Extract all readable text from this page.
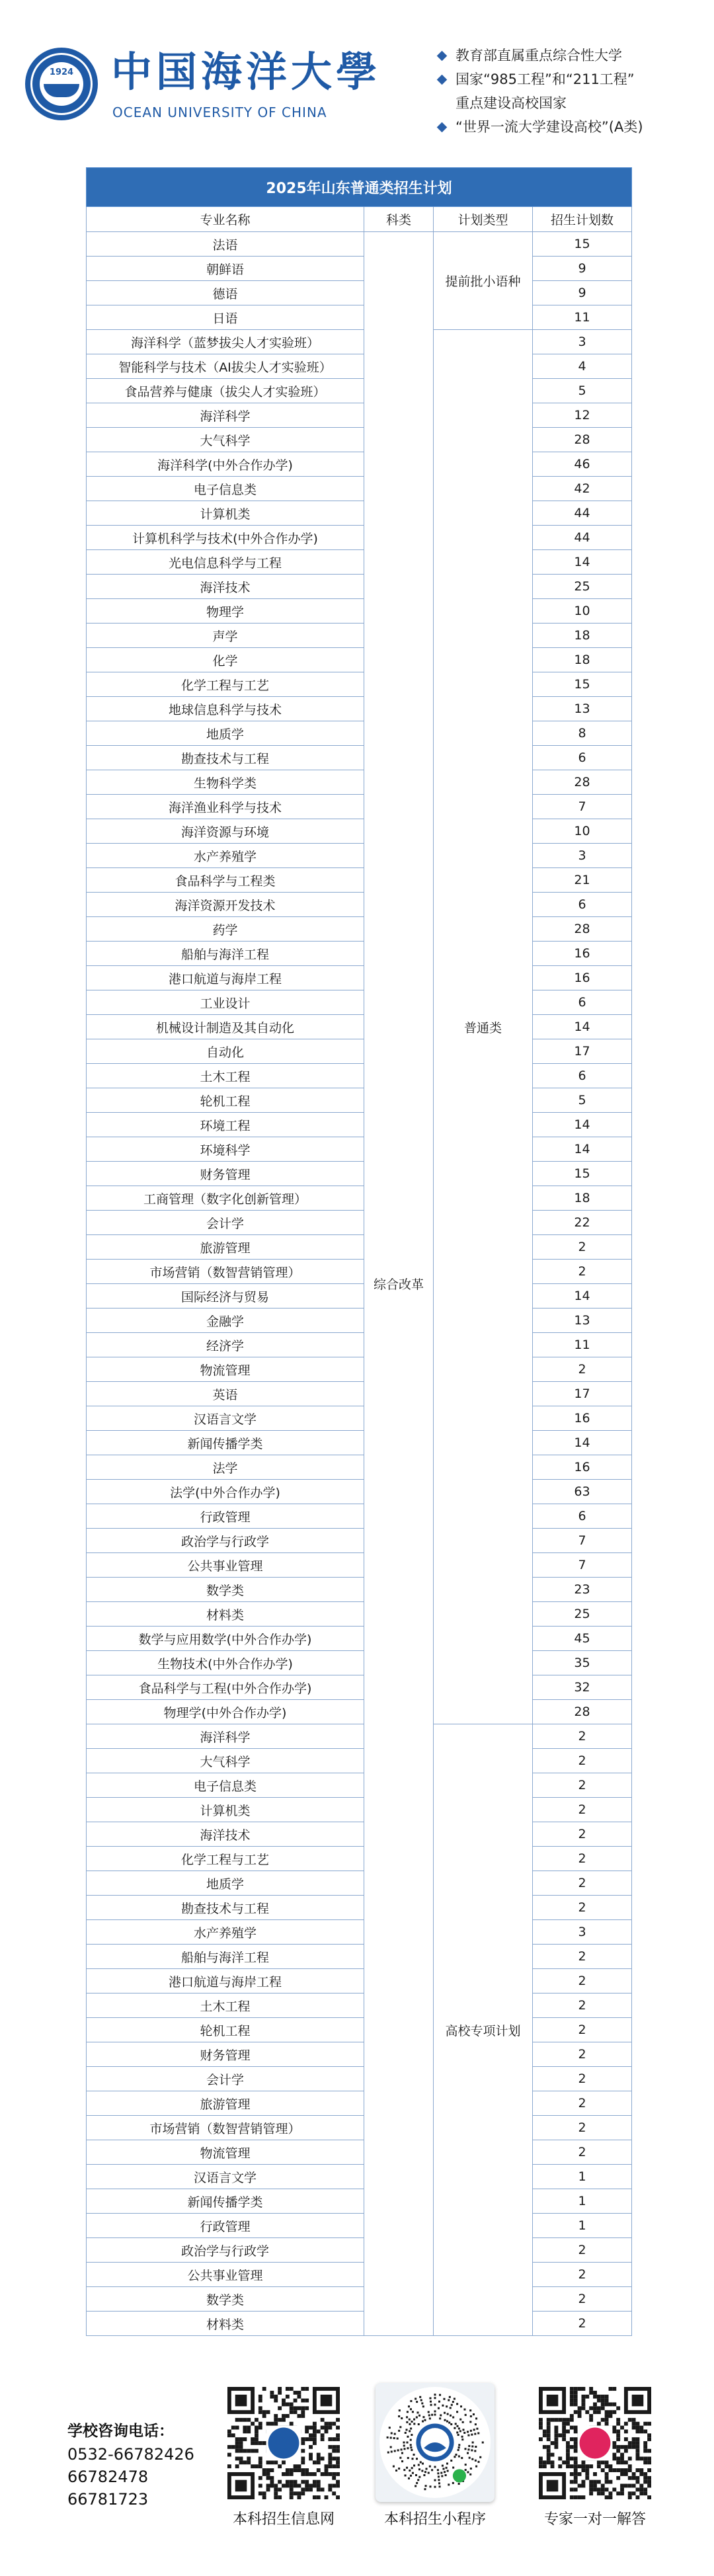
1924 中国海洋大學
OCEAN UNIVERSITY OF CHINA
教育部直属重点综合性大学
国家“985工程”和“211工程”
重点建设高校国家
“世界一流大学建设高校”(A类)
2025年山东普通类招生计划			
专业名称	科类	计划类型	招生计划数
法语	综合改革	提前批小语种	15
朝鲜语			9
德语			9
日语			11
海洋科学（蓝梦拔尖人才实验班）		普通类	3
智能科学与技术（AI拔尖人才实验班）			4
食品营养与健康（拔尖人才实验班）			5
海洋科学			12
大气科学			28
海洋科学(中外合作办学)			46
电子信息类			42
计算机类			44
计算机科学与技术(中外合作办学)			44
光电信息科学与工程			14
海洋技术			25
物理学			10
声学			18
化学			18
化学工程与工艺			15
地球信息科学与技术			13
地质学			8
勘查技术与工程			6
生物科学类			28
海洋渔业科学与技术			7
海洋资源与环境			10
水产养殖学			3
食品科学与工程类			21
海洋资源开发技术			6
药学			28
船舶与海洋工程			16
港口航道与海岸工程			16
工业设计			6
机械设计制造及其自动化			14
自动化			17
土木工程			6
轮机工程			5
环境工程			14
环境科学			14
财务管理			15
工商管理（数字化创新管理）			18
会计学			22
旅游管理			2
市场营销（数智营销管理）			2
国际经济与贸易			14
金融学			13
经济学			11
物流管理			2
英语			17
汉语言文学			16
新闻传播学类			14
法学			16
法学(中外合作办学)			63
行政管理			6
政治学与行政学			7
公共事业管理			7
数学类			23
材料类			25
数学与应用数学(中外合作办学)			45
生物技术(中外合作办学)			35
食品科学与工程(中外合作办学)			32
物理学(中外合作办学)			28
海洋科学		高校专项计划	2
大气科学			2
电子信息类			2
计算机类			2
海洋技术			2
化学工程与工艺			2
地质学			2
勘查技术与工程			2
水产养殖学			3
船舶与海洋工程			2
港口航道与海岸工程			2
土木工程			2
轮机工程			2
财务管理			2
会计学			2
旅游管理			2
市场营销（数智营销管理）			2
物流管理			2
汉语言文学			1
新闻传播学类			1
行政管理			1
政治学与行政学			2
公共事业管理			2
数学类			2
材料类			2
学校咨询电话：
0532-66782426
66782478
66781723
本科招生信息网	本科招生小程序	专家一对一解答
